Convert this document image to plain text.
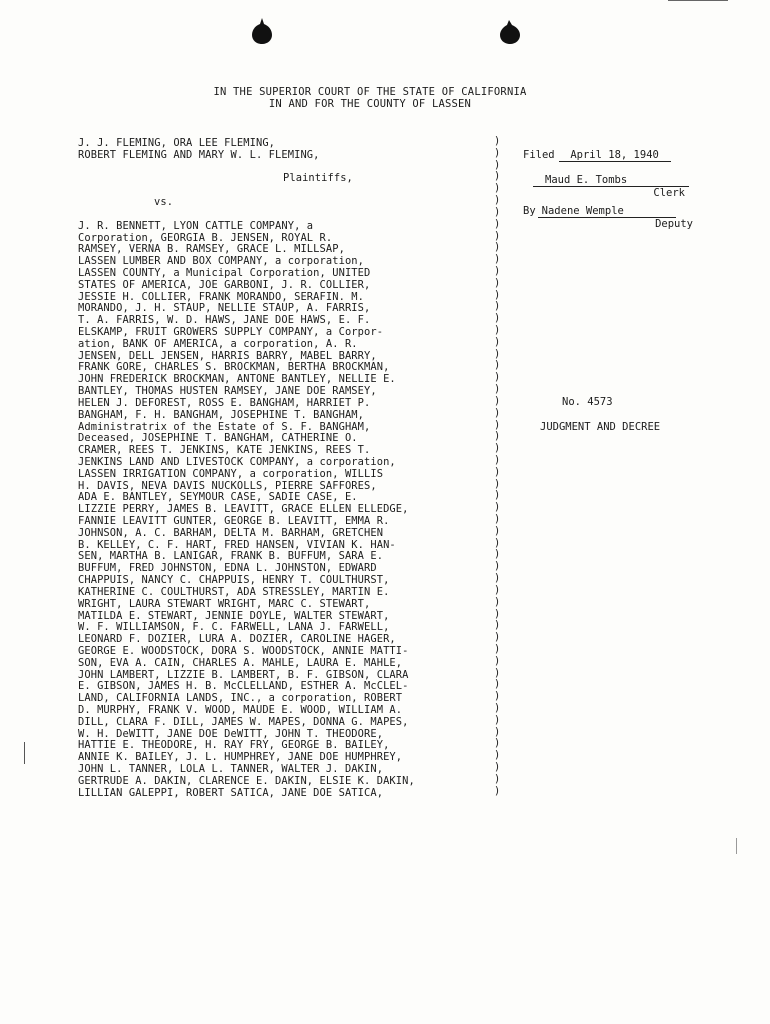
IN THE SUPERIOR COURT OF THE STATE OF CALIFORNIA
IN AND FOR THE COUNTY OF LASSEN
J. J. FLEMING, ORA LEE FLEMING,
ROBERT FLEMING AND MARY W. L. FLEMING,
Plaintiffs,
vs.
J. R. BENNETT, LYON CATTLE COMPANY, a
Corporation, GEORGIA B. JENSEN, ROYAL R.
RAMSEY, VERNA B. RAMSEY, GRACE L. MILLSAP,
LASSEN LUMBER AND BOX COMPANY, a corporation,
LASSEN COUNTY, a Municipal Corporation, UNITED
STATES OF AMERICA, JOE GARBONI, J. R. COLLIER,
JESSIE H. COLLIER, FRANK MORANDO, SERAFIN. M.
MORANDO, J. H. STAUP, NELLIE STAUP, A. FARRIS,
T. A. FARRIS, W. D. HAWS, JANE DOE HAWS, E. F.
ELSKAMP, FRUIT GROWERS SUPPLY COMPANY, a Corpor-
ation, BANK OF AMERICA, a corporation, A. R.
JENSEN, DELL JENSEN, HARRIS BARRY, MABEL BARRY,
FRANK GORE, CHARLES S. BROCKMAN, BERTHA BROCKMAN,
JOHN FREDERICK BROCKMAN, ANTONE BANTLEY, NELLIE E.
BANTLEY, THOMAS HUSTEN RAMSEY, JANE DOE RAMSEY,
HELEN J. DEFOREST, ROSS E. BANGHAM, HARRIET P.
BANGHAM, F. H. BANGHAM, JOSEPHINE T. BANGHAM,
Administratrix of the Estate of S. F. BANGHAM,
Deceased, JOSEPHINE T. BANGHAM, CATHERINE O.
CRAMER, REES T. JENKINS, KATE JENKINS, REES T.
JENKINS LAND AND LIVESTOCK COMPANY, a corporation,
LASSEN IRRIGATION COMPANY, a corporation, WILLIS
H. DAVIS, NEVA DAVIS NUCKOLLS, PIERRE SAFFORES,
ADA E. BANTLEY, SEYMOUR CASE, SADIE CASE, E.
LIZZIE PERRY, JAMES B. LEAVITT, GRACE ELLEN ELLEDGE,
FANNIE LEAVITT GUNTER, GEORGE B. LEAVITT, EMMA R.
JOHNSON, A. C. BARHAM, DELTA M. BARHAM, GRETCHEN
B. KELLEY, C. F. HART, FRED HANSEN, VIVIAN K. HAN-
SEN, MARTHA B. LANIGAR, FRANK B. BUFFUM, SARA E.
BUFFUM, FRED JOHNSTON, EDNA L. JOHNSTON, EDWARD
CHAPPUIS, NANCY C. CHAPPUIS, HENRY T. COULTHURST,
KATHERINE C. COULTHURST, ADA STRESSLEY, MARTIN E.
WRIGHT, LAURA STEWART WRIGHT, MARC C. STEWART,
MATILDA E. STEWART, JENNIE DOYLE, WALTER STEWART,
W. F. WILLIAMSON, F. C. FARWELL, LANA J. FARWELL,
LEONARD F. DOZIER, LURA A. DOZIER, CAROLINE HAGER,
GEORGE E. WOODSTOCK, DORA S. WOODSTOCK, ANNIE MATTI-
SON, EVA A. CAIN, CHARLES A. MAHLE, LAURA E. MAHLE,
JOHN LAMBERT, LIZZIE B. LAMBERT, B. F. GIBSON, CLARA
E. GIBSON, JAMES H. B. McCLELLAND, ESTHER A. McCLEL-
LAND, CALIFORNIA LANDS, INC., a corporation, ROBERT
D. MURPHY, FRANK V. WOOD, MAUDE E. WOOD, WILLIAM A.
DILL, CLARA F. DILL, JAMES W. MAPES, DONNA G. MAPES,
W. H. DeWITT, JANE DOE DeWITT, JOHN T. THEODORE,
HATTIE E. THEODORE, H. RAY FRY, GEORGE B. BAILEY,
ANNIE K. BAILEY, J. L. HUMPHREY, JANE DOE HUMPHREY,
JOHN L. TANNER, LOLA L. TANNER, WALTER J. DAKIN,
GERTRUDE A. DAKIN, CLARENCE E. DAKIN, ELSIE K. DAKIN,
LILLIAN GALEPPI, ROBERT SATICA, JANE DOE SATICA,
)
)
)
)
)
)
)
)
)
)
)
)
)
)
)
)
)
)
)
)
)
)
)
)
)
)
)
)
)
)
)
)
)
)
)
)
)
)
)
)
)
)
)
)
)
)
)
)
)
)
)
)
)
)
)
)
Filed April 18, 1940
Maud E. Tombs
Clerk
By Nadene Wemple
Deputy
No. 4573
JUDGMENT AND DECREE
